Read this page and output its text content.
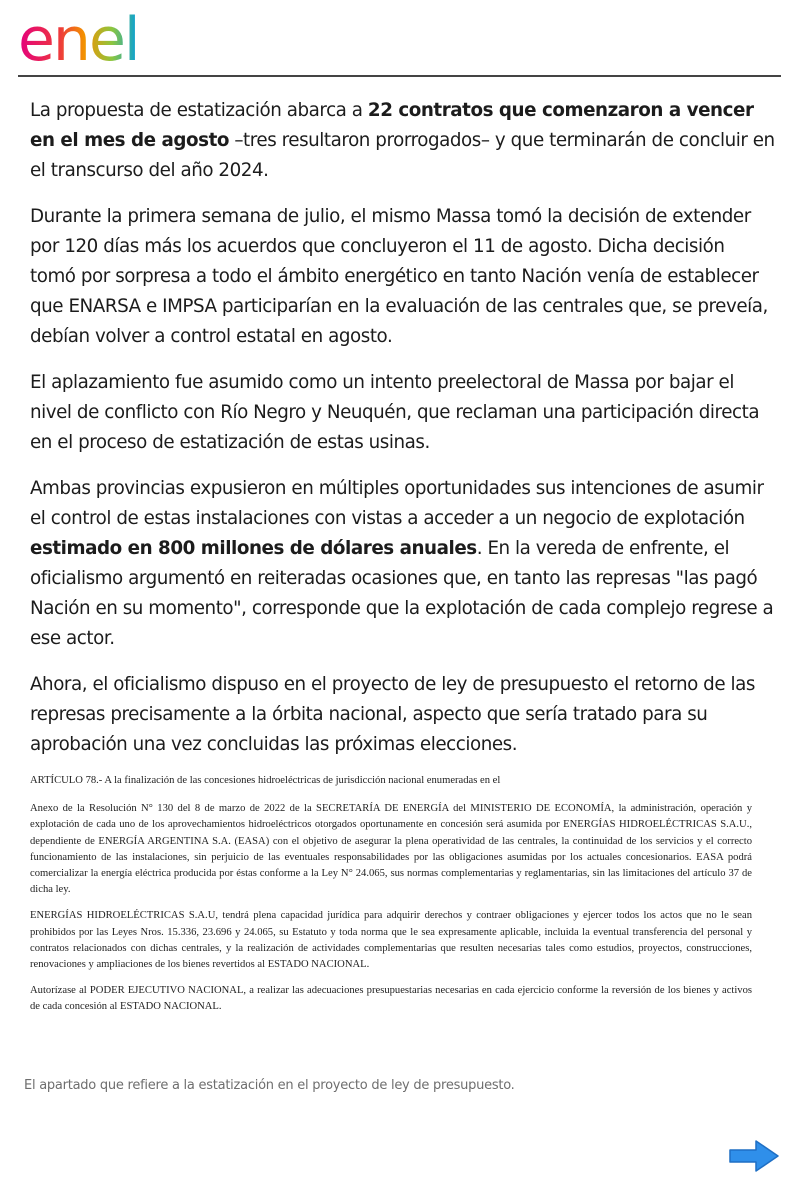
enel

La propuesta de estatización abarca a 22 contratos que comenzaron a vencer en el mes de agosto –tres resultaron prorrogados– y que terminarán de concluir en el transcurso del año 2024.

Durante la primera semana de julio, el mismo Massa tomó la decisión de extender por 120 días más los acuerdos que concluyeron el 11 de agosto. Dicha decisión tomó por sorpresa a todo el ámbito energético en tanto Nación venía de establecer que ENARSA e IMPSA participarían en la evaluación de las centrales que, se preveía, debían volver a control estatal en agosto.

El aplazamiento fue asumido como un intento preelectoral de Massa por bajar el nivel de conflicto con Río Negro y Neuquén, que reclaman una participación directa en el proceso de estatización de estas usinas.

Ambas provincias expusieron en múltiples oportunidades sus intenciones de asumir el control de estas instalaciones con vistas a acceder a un negocio de explotación estimado en 800 millones de dólares anuales. En la vereda de enfrente, el oficialismo argumentó en reiteradas ocasiones que, en tanto las represas "las pagó Nación en su momento", corresponde que la explotación de cada complejo regrese a ese actor.

Ahora, el oficialismo dispuso en el proyecto de ley de presupuesto el retorno de las represas precisamente a la órbita nacional, aspecto que sería tratado para su aprobación una vez concluidas las próximas elecciones.

ARTÍCULO 78.- A la finalización de las concesiones hidroeléctricas de jurisdicción nacional enumeradas en el

Anexo de la Resolución N° 130 del 8 de marzo de 2022 de la SECRETARÍA DE ENERGÍA del MINISTERIO DE ECONOMÍA, la administración, operación y explotación de cada uno de los aprovechamientos hidroeléctricos otorgados oportunamente en concesión será asumida por ENERGÍAS HIDROELÉCTRICAS S.A.U., dependiente de ENERGÍA ARGENTINA S.A. (EASA) con el objetivo de asegurar la plena operatividad de las centrales, la continuidad de los servicios y el correcto funcionamiento de las instalaciones, sin perjuicio de las eventuales responsabilidades por las obligaciones asumidas por los actuales concesionarios. EASA podrá comercializar la energía eléctrica producida por éstas conforme a la Ley N° 24.065, sus normas complementarias y reglamentarias, sin las limitaciones del artículo 37 de dicha ley.

ENERGÍAS HIDROELÉCTRICAS S.A.U, tendrá plena capacidad jurídica para adquirir derechos y contraer obligaciones y ejercer todos los actos que no le sean prohibidos por las Leyes Nros. 15.336, 23.696 y 24.065, su Estatuto y toda norma que le sea expresamente aplicable, incluida la eventual transferencia del personal y contratos relacionados con dichas centrales, y la realización de actividades complementarias que resulten necesarias tales como estudios, proyectos, construcciones, renovaciones y ampliaciones de los bienes revertidos al ESTADO NACIONAL.

Autorízase al PODER EJECUTIVO NACIONAL, a realizar las adecuaciones presupuestarias necesarias en cada ejercicio conforme la reversión de los bienes y activos de cada concesión al ESTADO NACIONAL.

El apartado que refiere a la estatización en el proyecto de ley de presupuesto.
